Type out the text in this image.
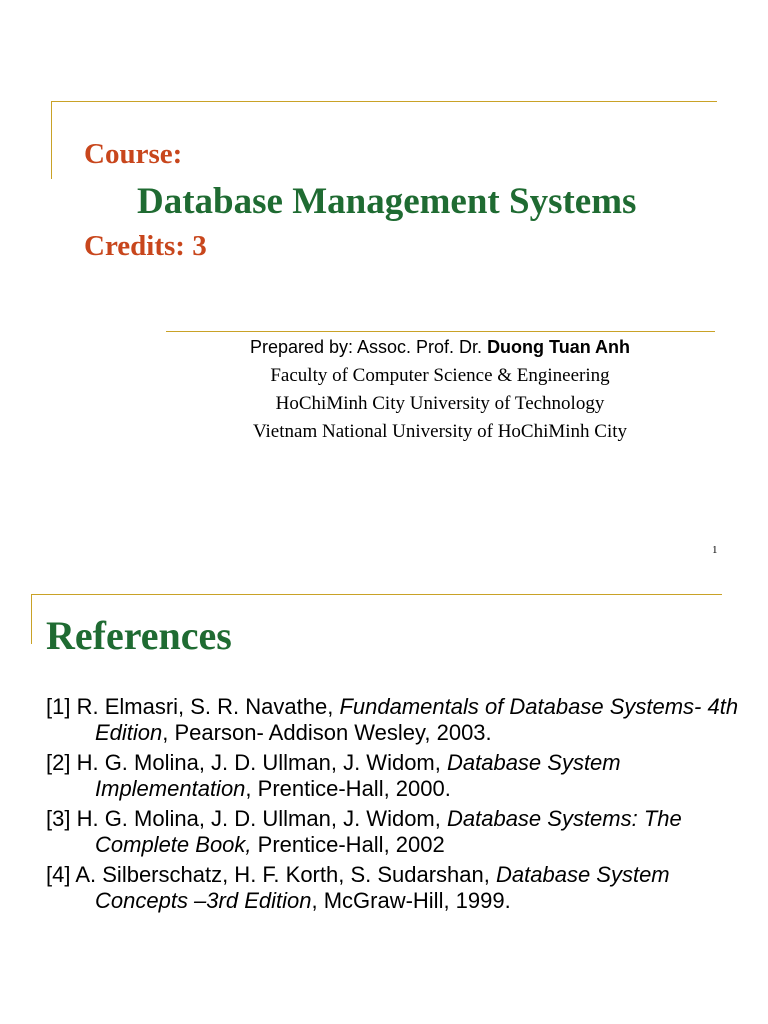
Course:
Database Management Systems
Credits: 3
Prepared by: Assoc. Prof. Dr. Duong Tuan Anh
Faculty of Computer Science & Engineering
HoChiMinh City University of Technology
Vietnam National University of HoChiMinh City
1
References
[1] R. Elmasri, S. R. Navathe, Fundamentals of Database Systems- 4th Edition, Pearson- Addison Wesley, 2003.
[2] H. G. Molina, J. D. Ullman, J. Widom, Database System Implementation, Prentice-Hall, 2000.
[3] H. G. Molina, J. D. Ullman, J. Widom, Database Systems: The Complete Book, Prentice-Hall, 2002
[4] A. Silberschatz, H. F. Korth, S. Sudarshan, Database System Concepts –3rd Edition, McGraw-Hill, 1999.
